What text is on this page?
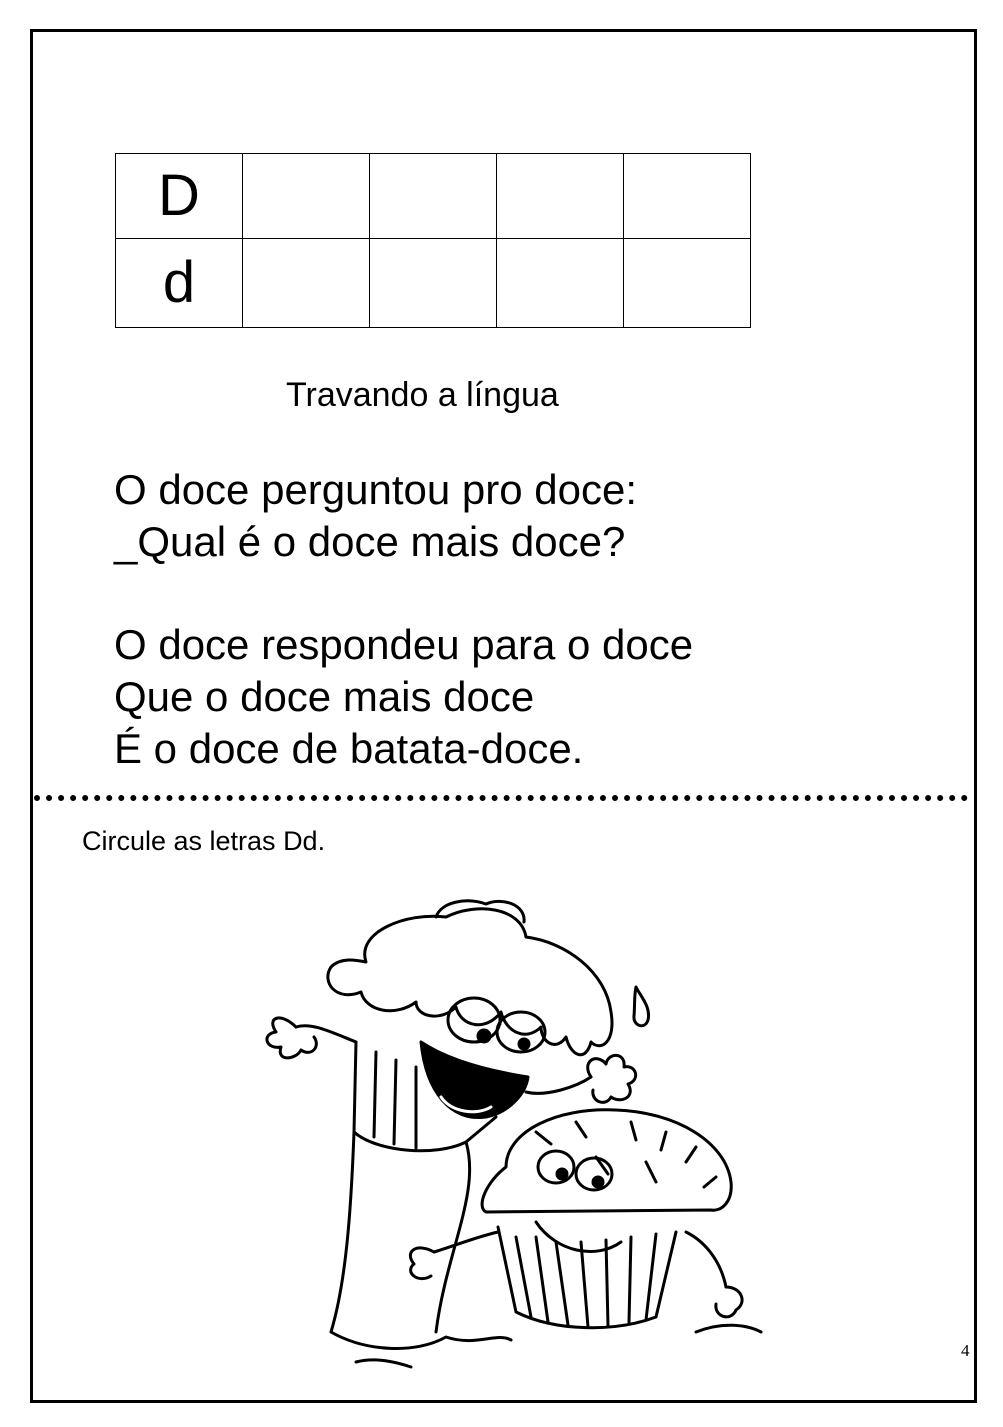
D				
d				
Travando a língua
O doce perguntou pro doce:
_Qual é o doce mais doce?
O doce respondeu para o doce
Que o doce mais doce
É o doce de batata-doce.
Circule as letras Dd.
4
